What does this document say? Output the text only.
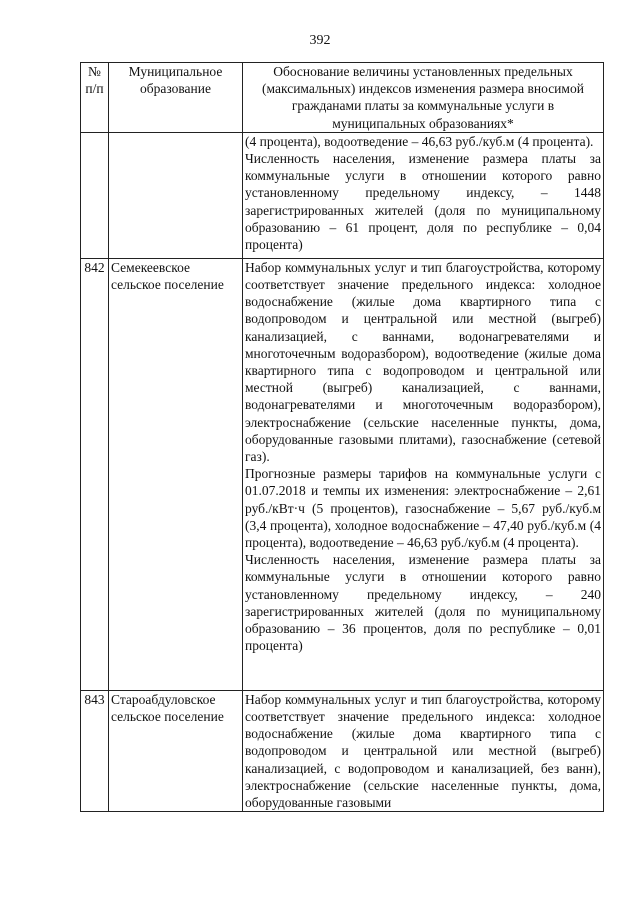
392
№ п/п	Муниципальное образование	Обоснование величины установленных предельных (максимальных) индексов изменения размера вносимой гражданами платы за коммунальные услуги в муниципальных образованиях*

		(4 процента), водоотведение – 46,63 руб./куб.м (4 процента).

Численность населения, изменение размера платы за коммунальные услуги в отношении которого равно установленному предельному индексу, – 1448 зарегистрированных жителей (доля по муниципальному образованию – 61 процент, доля по республике – 0,04 процента)

842	Семекеевское сельское поселение	Набор коммунальных услуг и тип благоустройства, которому соответствует значение предельного индекса: холодное водоснабжение (жилые дома квартирного типа с водопроводом и центральной или местной (выгреб) канализацией, с ваннами, водонагревателями и многоточечным водоразбором), водоотведение (жилые дома квартирного типа с водопроводом и центральной или местной (выгреб) канализацией, с ваннами, водонагревателями и многоточечным водоразбором), электроснабжение (сельские населенные пункты, дома, оборудованные газовыми плитами), газоснабжение (сетевой газ).

Прогнозные размеры тарифов на коммунальные услуги с 01.07.2018 и темпы их изменения: электроснабжение – 2,61 руб./кВт·ч (5 процентов), газоснабжение – 5,67 руб./куб.м (3,4 процента), холодное водоснабжение – 47,40 руб./куб.м (4 процента), водоотведение – 46,63 руб./куб.м (4 процента).

Численность населения, изменение размера платы за коммунальные услуги в отношении которого равно установленному предельному индексу, – 240 зарегистрированных жителей (доля по муниципальному образованию – 36 процентов, доля по республике – 0,01 процента)

843	Староабдуловское сельское поселение	Набор коммунальных услуг и тип благоустройства, которому соответствует значение предельного индекса: холодное водоснабжение (жилые дома квартирного типа с водопроводом и центральной или местной (выгреб) канализацией, с водопроводом и канализацией, без ванн), электроснабжение (сельские населенные пункты, дома, оборудованные газовыми
